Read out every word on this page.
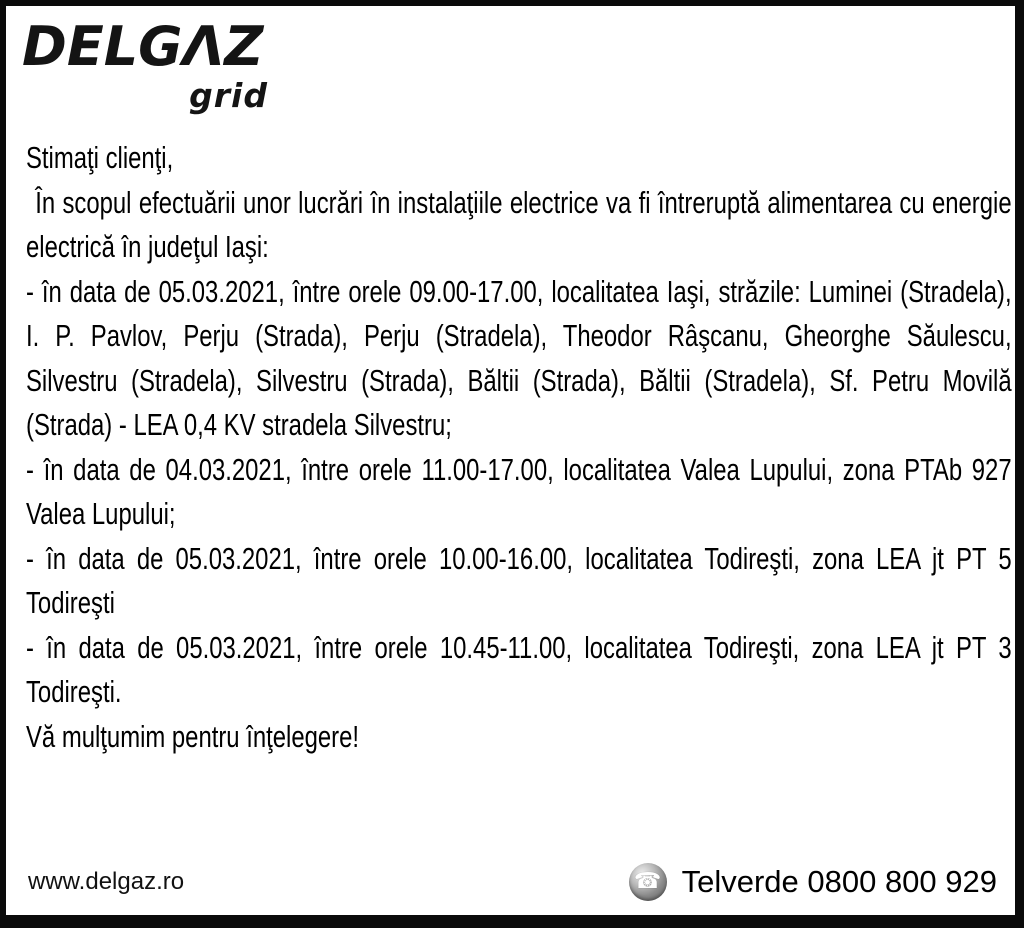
DELGΛZ
grid

Stimaţi clienţi,

În scopul efectuării unor lucrări în instalaţiile electrice va fi întreruptă alimentarea cu energie electrică în judeţul Iaşi:

- în data de 05.03.2021, între orele 09.00-17.00, localitatea Iaşi, străzile: Luminei (Stradela), I. P. Pavlov, Perju (Strada), Perju (Stradela), Theodor Râşcanu, Gheorghe Săulescu, Silvestru (Stradela), Silvestru (Strada), Băltii (Strada), Băltii (Stradela), Sf. Petru Movilă (Strada) - LEA 0,4 KV stradela Silvestru;

- în data de 04.03.2021, între orele 11.00-17.00, localitatea Valea Lupului, zona PTAb 927 Valea Lupului;

- în data de 05.03.2021, între orele 10.00-16.00, localitatea Todireşti, zona LEA jt PT 5 Todireşti

- în data de 05.03.2021, între orele 10.45-11.00, localitatea Todireşti, zona LEA jt PT 3 Todireşti.

Vă mulţumim pentru înţelegere!

www.delgaz.ro	☎ Telverde 0800 800 929
